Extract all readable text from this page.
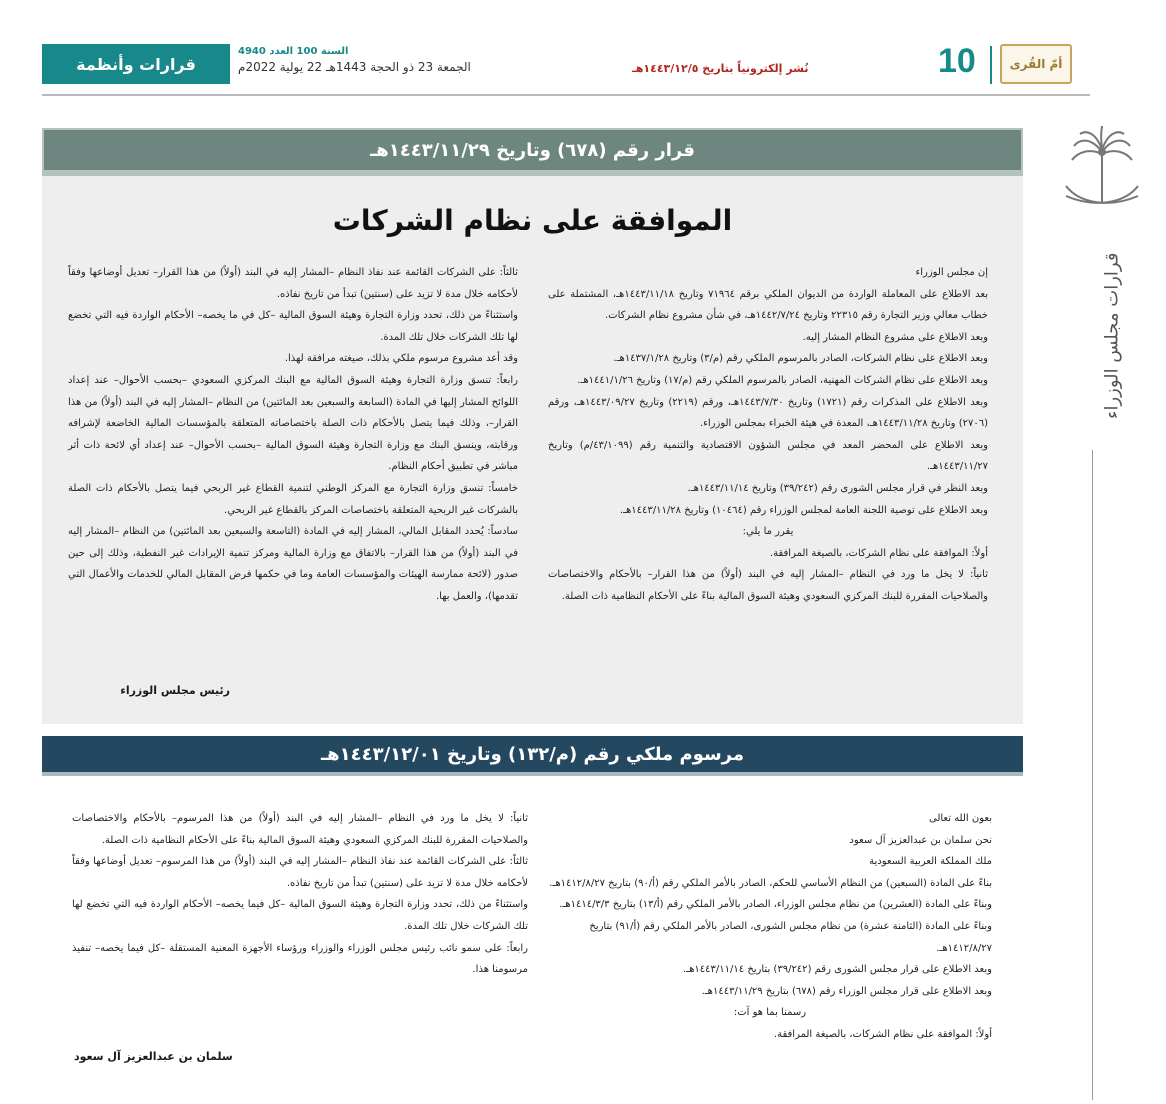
قرارات وأنظمة
السنة 100 العدد 4940
الجمعة 23 ذو الحجة 1443هـ 22 يولية 2022م	نُشر إلكترونياً بتاريخ ١٤٤٣/١٢/٥هـ	10	أمّ القُرى
قرارات مجلس الوزراء
قرار رقم (٦٧٨) وتاريخ ١٤٤٣/١١/٢٩هـ
الموافقة على نظام الشركات

إن مجلس الوزراء

بعد الاطلاع على المعاملة الواردة من الديوان الملكي برقم ٧١٩٦٤ وتاريخ ١٤٤٣/١١/١٨هـ، المشتملة على خطاب معالي وزير التجارة رقم ٢٢٣١٥ وتاريخ ١٤٤٢/٧/٢٤هـ، في شأن مشروع نظام الشركات.

وبعد الاطلاع على مشروع النظام المشار إليه.

وبعد الاطلاع على نظام الشركات، الصادر بالمرسوم الملكي رقم (م/٣) وتاريخ ١٤٣٧/١/٢٨هـ.

وبعد الاطلاع على نظام الشركات المهنية، الصادر بالمرسوم الملكي رقم (م/١٧) وتاريخ ١٤٤١/١/٢٦هـ.

وبعد الاطلاع على المذكرات رقم (١٧٢١) وتاريخ ١٤٤٣/٧/٣٠هـ، ورقم (٢٢١٩) وتاريخ ١٤٤٣/٠٩/٢٧هـ، ورقم (٢٧٠٦) وتاريخ ١٤٤٣/١١/٢٨هـ، المعدة في هيئة الخبراء بمجلس الوزراء.

وبعد الاطلاع على المحضر المعد في مجلس الشؤون الاقتصادية والتنمية رقم (٤٣/١٠٩٩/م) وتاريخ ١٤٤٣/١١/٢٧هـ.

وبعد النظر في قرار مجلس الشورى رقم (٣٩/٢٤٢) وتاريخ ١٤٤٣/١١/١٤هـ.

وبعد الاطلاع على توصية اللجنة العامة لمجلس الوزراء رقم (١٠٤٦٤) وتاريخ ١٤٤٣/١١/٢٨هـ.

يقرر ما يلي:

أولاً: الموافقة على نظام الشركات، بالصيغة المرافقة.

ثانياً: لا يخل ما ورد في النظام –المشار إليه في البند (أولاً) من هذا القرار– بالأحكام والاختصاصات والصلاحيات المقررة للبنك المركزي السعودي وهيئة السوق المالية بناءً على الأحكام النظامية ذات الصلة.

ثالثاً: على الشركات القائمة عند نفاذ النظام –المشار إليه في البند (أولاً) من هذا القرار– تعديل أوضاعها وفقاً لأحكامه خلال مدة لا تزيد على (سنتين) تبدأ من تاريخ نفاذه.

واستثناءً من ذلك، تحدد وزارة التجارة وهيئة السوق المالية –كل في ما يخصه– الأحكام الواردة فيه التي تخضع لها تلك الشركات خلال تلك المدة.

وقد أعد مشروع مرسوم ملكي بذلك، صيغته مرافقة لهذا.

رابعاً: تنسق وزارة التجارة وهيئة السوق المالية مع البنك المركزي السعودي –بحسب الأحوال– عند إعداد اللوائح المشار إليها في المادة (السابعة والسبعين بعد المائتين) من النظام –المشار إليه في البند (أولاً) من هذا القرار–، وذلك فيما يتصل بالأحكام ذات الصلة باختصاصاته المتعلقة بالمؤسسات المالية الخاضعة لإشرافه ورقابته، وينسق البنك مع وزارة التجارة وهيئة السوق المالية –بحسب الأحوال– عند إعداد أي لائحة ذات أثر مباشر في تطبيق أحكام النظام.

خامساً: تنسق وزارة التجارة مع المركز الوطني لتنمية القطاع غير الربحي فيما يتصل بالأحكام ذات الصلة بالشركات غير الربحية المتعلقة باختصاصات المركز بالقطاع غير الربحي.

سادساً: يُحدد المقابل المالي، المشار إليه في المادة (التاسعة والسبعين بعد المائتين) من النظام –المشار إليه في البند (أولاً) من هذا القرار– بالاتفاق مع وزارة المالية ومركز تنمية الإيرادات غير النفطية، وذلك إلى حين صدور (لائحة ممارسة الهيئات والمؤسسات العامة وما في حكمها فرض المقابل المالي للخدمات والأعمال التي تقدمها)، والعمل بها.

رئيس مجلس الوزراء
مرسوم ملكي رقم (م/١٣٢) وتاريخ ١٤٤٣/١٢/٠١هـ

بعون الله تعالى

نحن سلمان بن عبدالعزيز آل سعود

ملك المملكة العربية السعودية

بناءً على المادة (السبعين) من النظام الأساسي للحكم، الصادر بالأمر الملكي رقم (أ/٩٠) بتاريخ ١٤١٢/٨/٢٧هـ.

وبناءً على المادة (العشرين) من نظام مجلس الوزراء، الصادر بالأمر الملكي رقم (أ/١٣) بتاريخ ١٤١٤/٣/٣هـ.

وبناءً على المادة (الثامنة عشرة) من نظام مجلس الشورى، الصادر بالأمر الملكي رقم (أ/٩١) بتاريخ ١٤١٢/٨/٢٧هـ.

وبعد الاطلاع على قرار مجلس الشورى رقم (٣٩/٢٤٢) بتاريخ ١٤٤٣/١١/١٤هـ.

وبعد الاطلاع على قرار مجلس الوزراء رقم (٦٧٨) بتاريخ ١٤٤٣/١١/٢٩هـ.

رسمنا بما هو آت:

أولاً: الموافقة على نظام الشركات، بالصيغة المرافقة.

ثانياً: لا يخل ما ورد في النظام –المشار إليه في البند (أولاً) من هذا المرسوم– بالأحكام والاختصاصات والصلاحيات المقررة للبنك المركزي السعودي وهيئة السوق المالية بناءً على الأحكام النظامية ذات الصلة.

ثالثاً: على الشركات القائمة عند نفاذ النظام –المشار إليه في البند (أولاً) من هذا المرسوم– تعديل أوضاعها وفقاً لأحكامه خلال مدة لا تزيد على (سنتين) تبدأ من تاريخ نفاذه.

واستثناءً من ذلك، تحدد وزارة التجارة وهيئة السوق المالية –كل فيما يخصه– الأحكام الواردة فيه التي تخضع لها تلك الشركات خلال تلك المدة.

رابعاً: على سمو نائب رئيس مجلس الوزراء والوزراء ورؤساء الأجهزة المعنية المستقلة –كل فيما يخصه– تنفيذ مرسومنا هذا.

سلمان بن عبدالعزيز آل سعود
